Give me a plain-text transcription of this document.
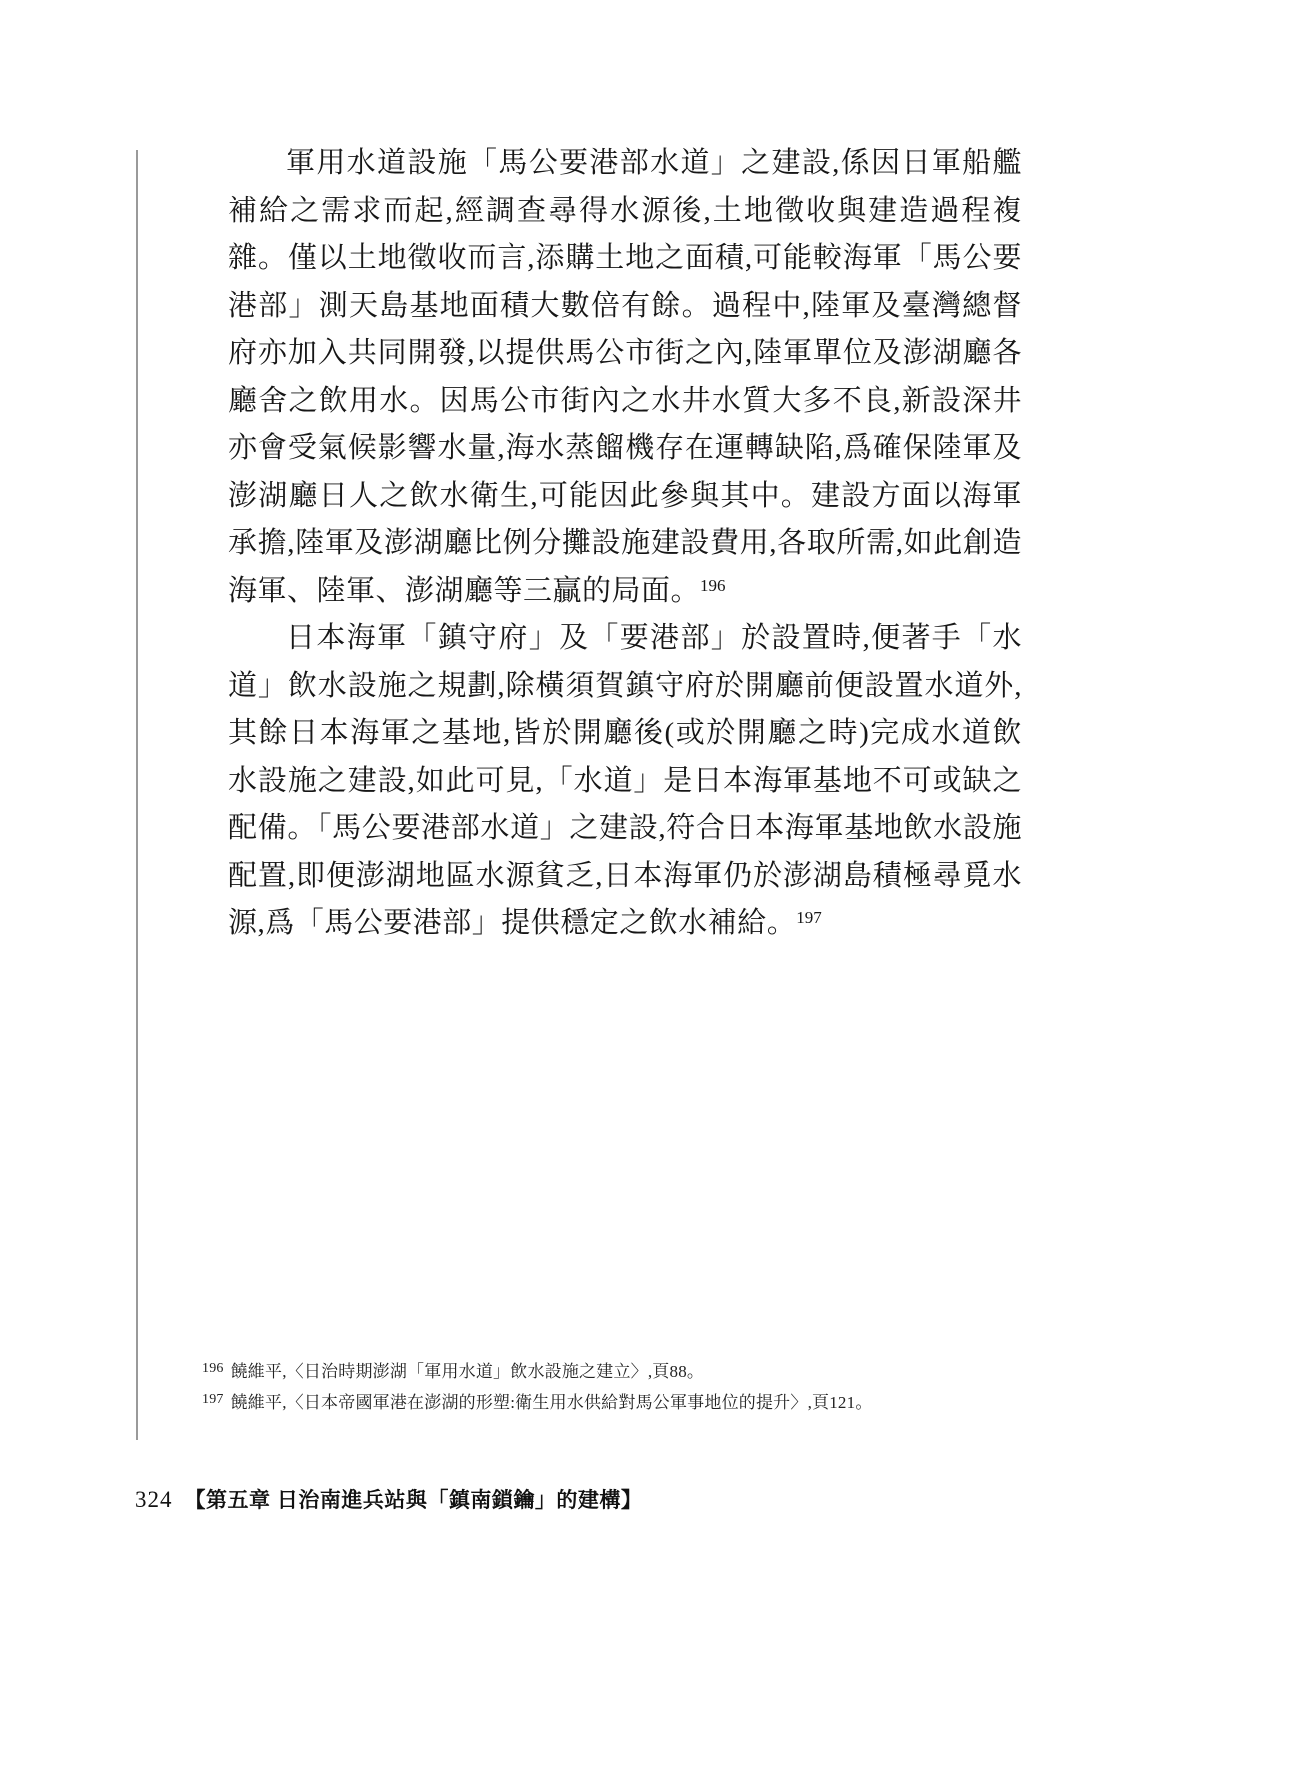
軍用水道設施「馬公要港部水道」之建設,係因日軍船艦補給之需求而起,經調查尋得水源後,土地徵收與建造過程複雜。僅以土地徵收而言,添購土地之面積,可能較海軍「馬公要港部」測天島基地面積大數倍有餘。過程中,陸軍及臺灣總督府亦加入共同開發,以提供馬公市街之內,陸軍單位及澎湖廳各廳舍之飲用水。因馬公市街內之水井水質大多不良,新設深井亦會受氣候影響水量,海水蒸餾機存在運轉缺陷,爲確保陸軍及澎湖廳日人之飲水衛生,可能因此參與其中。建設方面以海軍承擔,陸軍及澎湖廳比例分攤設施建設費用,各取所需,如此創造海軍、陸軍、澎湖廳等三贏的局面。$^{196}$

日本海軍「鎮守府」及「要港部」於設置時,便著手「水道」飲水設施之規劃,除橫須賀鎮守府於開廳前便設置水道外,其餘日本海軍之基地,皆於開廳後(或於開廳之時)完成水道飲水設施之建設,如此可見,「水道」是日本海軍基地不可或缺之配備。「馬公要港部水道」之建設,符合日本海軍基地飲水設施配置,即便澎湖地區水源貧乏,日本海軍仍於澎湖島積極尋覓水源,爲「馬公要港部」提供穩定之飲水補給。$^{197}$

$^{196}$ 饒維平,〈日治時期澎湖「軍用水道」飲水設施之建立〉,頁88。
$^{197}$ 饒維平,〈日本帝國軍港在澎湖的形塑:衛生用水供給對馬公軍事地位的提升〉,頁121。
324 【第五章 日治南進兵站與「鎮南鎖鑰」的建構】
